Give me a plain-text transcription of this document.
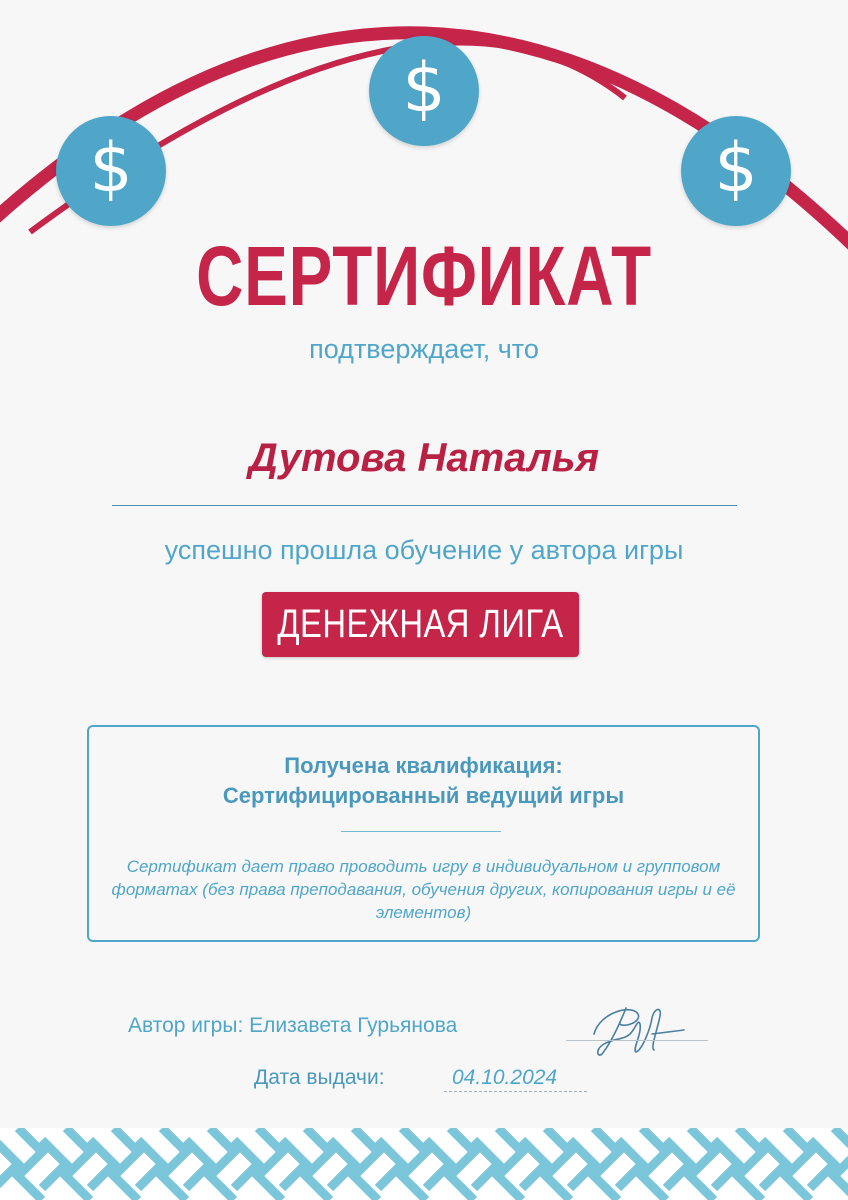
$
$
$
СЕРТИФИКАТ
подтверждает, что
Дутова Наталья
успешно прошла обучение у автора игры
ДЕНЕЖНАЯ ЛИГА
Получена квалификация:
Сертифицированный ведущий игры
Сертификат дает право проводить игру в индивидуальном и групповом форматах (без права преподавания, обучения других, копирования игры и её элементов)
Автор игры: Елизавета Гурьянова
Дата выдачи:	04.10.2024
